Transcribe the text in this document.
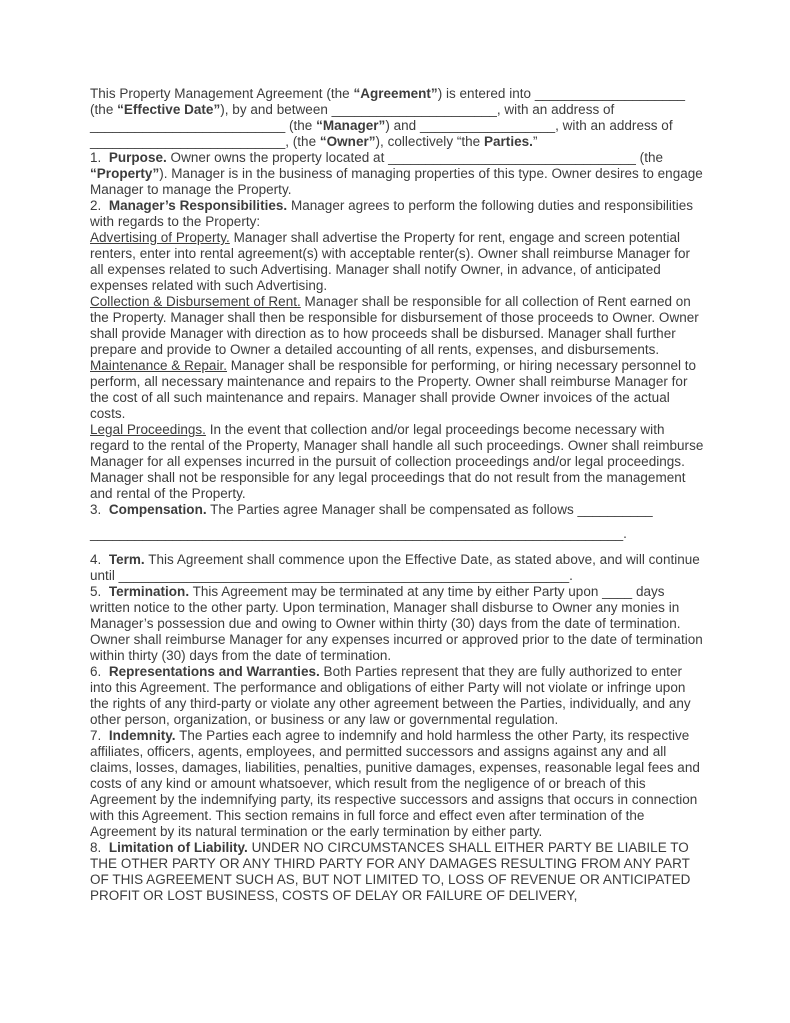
This Property Management Agreement (the “Agreement”) is entered into ____________________ (the “Effective Date”), by and between ______________________, with an address of __________________________ (the “Manager”) and __________________, with an address of __________________________, (the “Owner”), collectively “the Parties.”

1.  Purpose. Owner owns the property located at _________________________________ (the “Property”). Manager is in the business of managing properties of this type. Owner desires to engage Manager to manage the Property.

2.  Manager’s Responsibilities. Manager agrees to perform the following duties and responsibilities with regards to the Property:

Advertising of Property. Manager shall advertise the Property for rent, engage and screen potential renters, enter into rental agreement(s) with acceptable renter(s). Owner shall reimburse Manager for all expenses related to such Advertising. Manager shall notify Owner, in advance, of anticipated expenses related with such Advertising.

Collection & Disbursement of Rent. Manager shall be responsible for all collection of Rent earned on the Property. Manager shall then be responsible for disbursement of those proceeds to Owner. Owner shall provide Manager with direction as to how proceeds shall be disbursed. Manager shall further prepare and provide to Owner a detailed accounting of all rents, expenses, and disbursements.

Maintenance & Repair. Manager shall be responsible for performing, or hiring necessary personnel to perform, all necessary maintenance and repairs to the Property. Owner shall reimburse Manager for the cost of all such maintenance and repairs. Manager shall provide Owner invoices of the actual costs.

Legal Proceedings. In the event that collection and/or legal proceedings become necessary with regard to the rental of the Property, Manager shall handle all such proceedings. Owner shall reimburse Manager for all expenses incurred in the pursuit of collection proceedings and/or legal proceedings. Manager shall not be responsible for any legal proceedings that do not result from the management and rental of the Property.

3.  Compensation. The Parties agree Manager shall be compensated as follows __________

_______________________________________________________________________.

4.  Term. This Agreement shall commence upon the Effective Date, as stated above, and will continue until ____________________________________________________________.

5.  Termination. This Agreement may be terminated at any time by either Party upon ____ days written notice to the other party. Upon termination, Manager shall disburse to Owner any monies in Manager’s possession due and owing to Owner within thirty (30) days from the date of termination. Owner shall reimburse Manager for any expenses incurred or approved prior to the date of termination within thirty (30) days from the date of termination.

6.  Representations and Warranties. Both Parties represent that they are fully authorized to enter into this Agreement. The performance and obligations of either Party will not violate or infringe upon the rights of any third-party or violate any other agreement between the Parties, individually, and any other person, organization, or business or any law or governmental regulation.

7.  Indemnity. The Parties each agree to indemnify and hold harmless the other Party, its respective affiliates, officers, agents, employees, and permitted successors and assigns against any and all claims, losses, damages, liabilities, penalties, punitive damages, expenses, reasonable legal fees and costs of any kind or amount whatsoever, which result from the negligence of or breach of this Agreement by the indemnifying party, its respective successors and assigns that occurs in connection with this Agreement. This section remains in full force and effect even after termination of the Agreement by its natural termination or the early termination by either party.

8.  Limitation of Liability. UNDER NO CIRCUMSTANCES SHALL EITHER PARTY BE LIABILE TO THE OTHER PARTY OR ANY THIRD PARTY FOR ANY DAMAGES RESULTING FROM ANY PART OF THIS AGREEMENT SUCH AS, BUT NOT LIMITED TO, LOSS OF REVENUE OR ANTICIPATED PROFIT OR LOST BUSINESS, COSTS OF DELAY OR FAILURE OF DELIVERY,
